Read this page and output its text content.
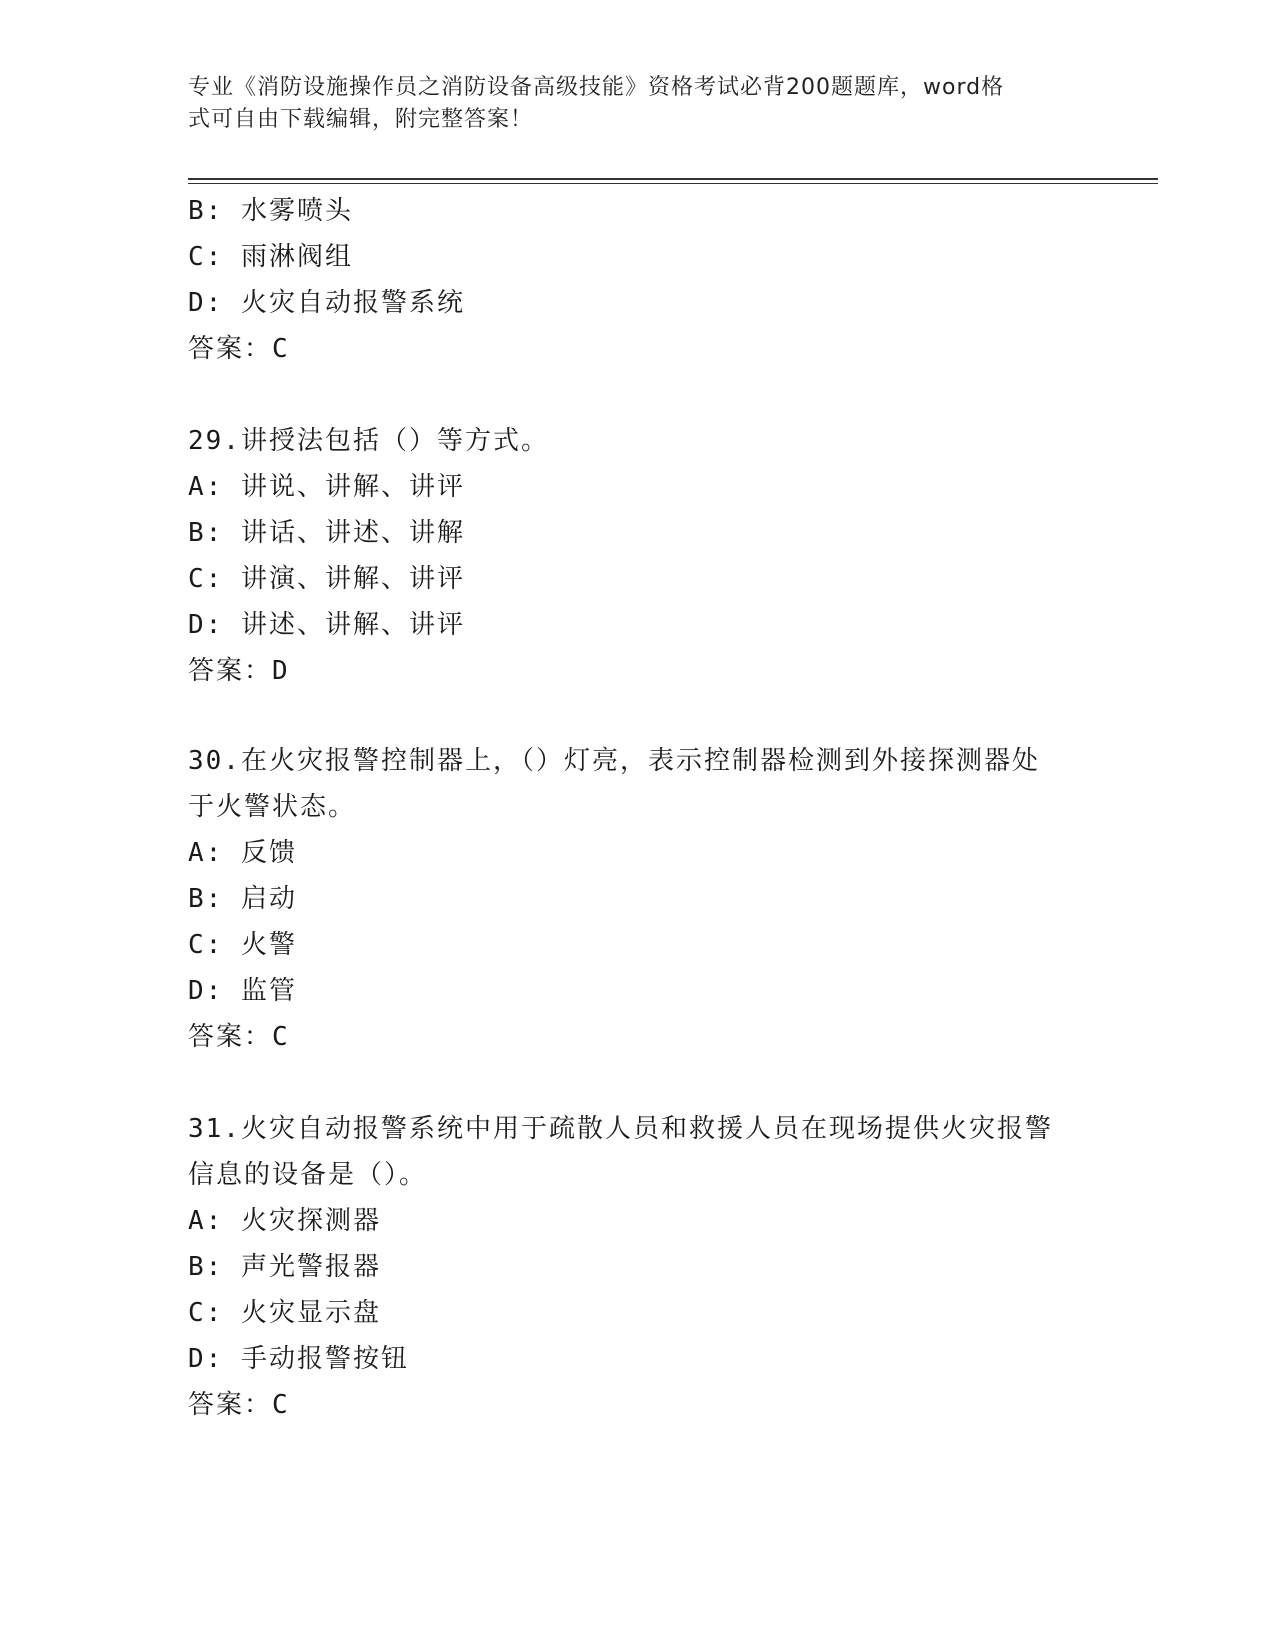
专业《消防设施操作员之消防设备高级技能》资格考试必背200题题库，word格
式可自由下载编辑，附完整答案！
B: 水雾喷头
C: 雨淋阀组
D: 火灾自动报警系统
答案：C
29.讲授法包括（）等方式。
A: 讲说、讲解、讲评
B: 讲话、讲述、讲解
C: 讲演、讲解、讲评
D: 讲述、讲解、讲评
答案：D
30.在火灾报警控制器上，（）灯亮，表示控制器检测到外接探测器处
于火警状态。
A: 反馈
B: 启动
C: 火警
D: 监管
答案：C
31.火灾自动报警系统中用于疏散人员和救援人员在现场提供火灾报警
信息的设备是（）。
A: 火灾探测器
B: 声光警报器
C: 火灾显示盘
D: 手动报警按钮
答案：C
